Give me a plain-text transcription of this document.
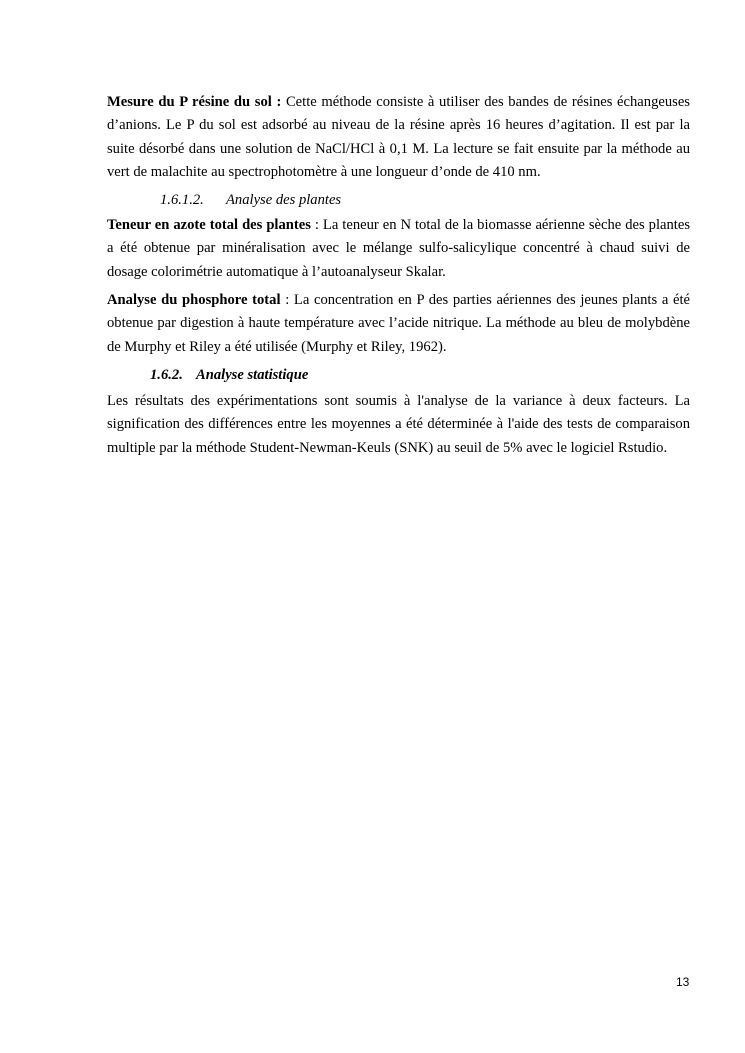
Mesure du P résine du sol : Cette méthode consiste à utiliser des bandes de résines échangeuses d’anions. Le P du sol est adsorbé au niveau de la résine après 16 heures d’agitation. Il est par la suite désorbé dans une solution de NaCl/HCl à 0,1 M. La lecture se fait ensuite par la méthode au vert de malachite au spectrophotomètre à une longueur d’onde de 410 nm.

1.6.1.2. Analyse des plantes

Teneur en azote total des plantes : La teneur en N total de la biomasse aérienne sèche des plantes a été obtenue par minéralisation avec le mélange sulfo-salicylique concentré à chaud suivi de dosage colorimétrie automatique à l’autoanalyseur Skalar.

Analyse du phosphore total : La concentration en P des parties aériennes des jeunes plants a été obtenue par digestion à haute température avec l’acide nitrique. La méthode au bleu de molybdène de Murphy et Riley a été utilisée (Murphy et Riley, 1962).

1.6.2. Analyse statistique

Les résultats des expérimentations sont soumis à l'analyse de la variance à deux facteurs. La signification des différences entre les moyennes a été déterminée à l'aide des tests de comparaison multiple par la méthode Student-Newman-Keuls (SNK) au seuil de 5% avec le logiciel Rstudio.

13
